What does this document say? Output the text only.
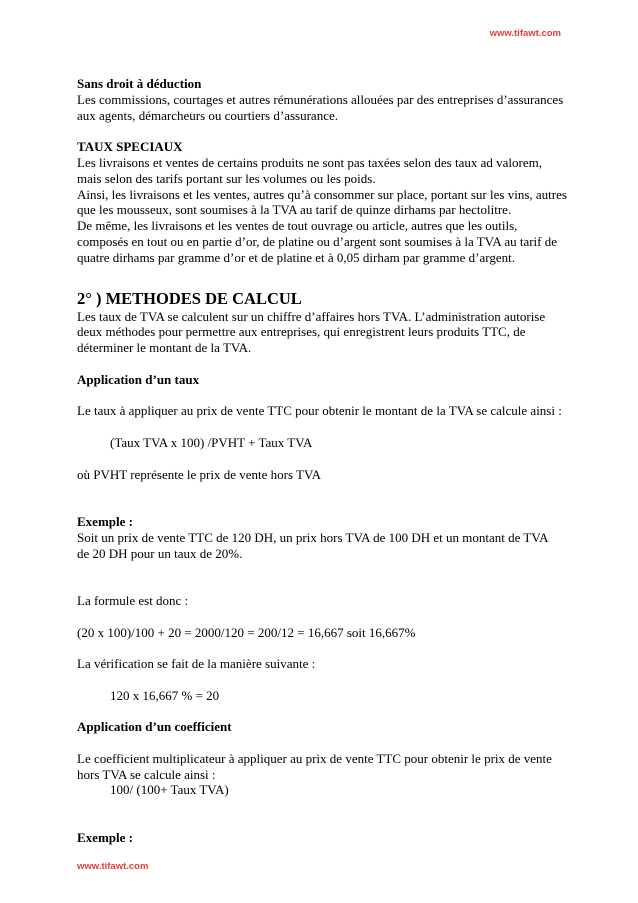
www.tifawt.com
Sans droit à déduction
Les commissions, courtages et autres rémunérations allouées par des entreprises d’assurances
aux agents, démarcheurs ou courtiers d’assurance.
TAUX SPECIAUX
Les livraisons et ventes de certains produits ne sont pas taxées selon des taux ad valorem,
mais selon des tarifs portant sur les volumes ou les poids.
Ainsi, les livraisons et les ventes, autres qu’à consommer sur place, portant sur les vins, autres
que les mousseux, sont soumises à la TVA au tarif de quinze dirhams par hectolitre.
De même, les livraisons et les ventes de tout ouvrage ou article, autres que les outils,
composés en tout ou en partie d’or, de platine ou d’argent sont soumises à la TVA au tarif de
quatre dirhams par gramme d’or et de platine et à 0,05 dirham par gramme d’argent.
2° ) METHODES DE CALCUL
Les taux de TVA se calculent sur un chiffre d’affaires hors TVA. L’administration autorise
deux méthodes pour permettre aux entreprises, qui enregistrent leurs produits TTC, de
déterminer le montant de la TVA.
Application d’un taux
Le taux à appliquer au prix de vente TTC pour obtenir le montant de la TVA se calcule ainsi :
(Taux TVA x 100) /PVHT + Taux TVA
où PVHT représente le prix de vente hors TVA
Exemple :
Soit un prix de vente TTC de 120 DH, un prix hors TVA de 100 DH et un montant de TVA
de 20 DH pour un taux de 20%.
La formule est donc :
(20 x 100)/100 + 20 = 2000/120 = 200/12 = 16,667 soit 16,667%
La vérification se fait de la manière suivante :
120 x 16,667 % = 20
Application d’un coefficient
Le coefficient multiplicateur à appliquer au prix de vente TTC pour obtenir le prix de vente
hors TVA se calcule ainsi :
100/ (100+ Taux TVA)
Exemple :
www.tifawt.com
